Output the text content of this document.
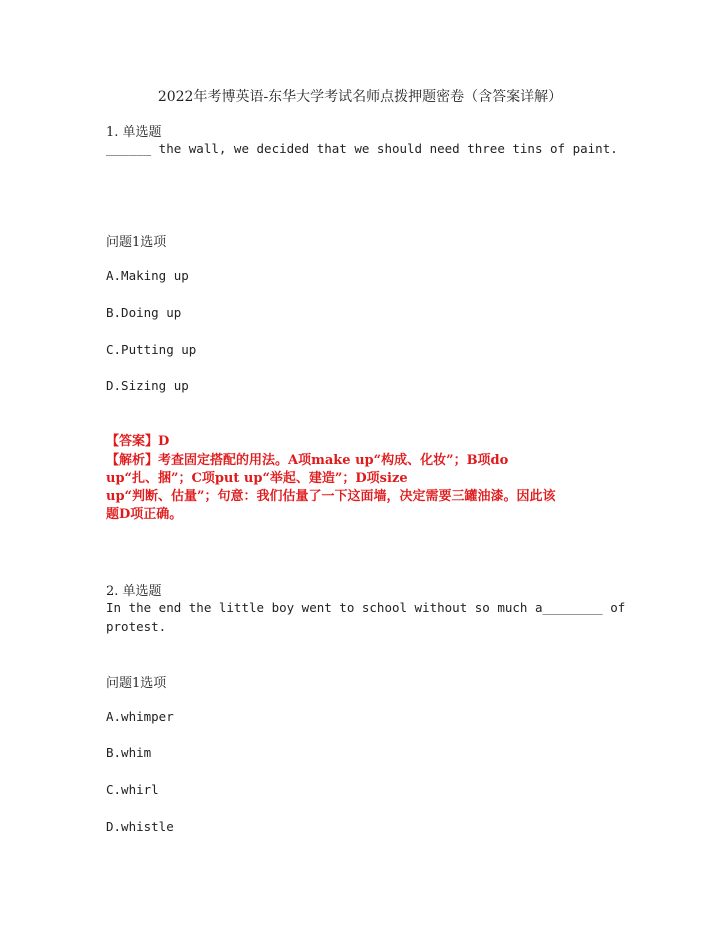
2022年考博英语-东华大学考试名师点拨押题密卷（含答案详解）
1. 单选题
______ the wall, we decided that we should need three tins of paint.
问题1选项
A.Making up
B.Doing up
C.Putting up
D.Sizing up
【答案】D
【解析】考查固定搭配的用法。A项make up“构成、化妆”；B项do
up“扎、捆”；C项put up“举起、建造”；D项size
up“判断、估量”；句意：我们估量了一下这面墙，决定需要三罐油漆。因此该
题D项正确。
2. 单选题
In the end the little boy went to school without so much a________ of
protest.
问题1选项
A.whimper
B.whim
C.whirl
D.whistle
